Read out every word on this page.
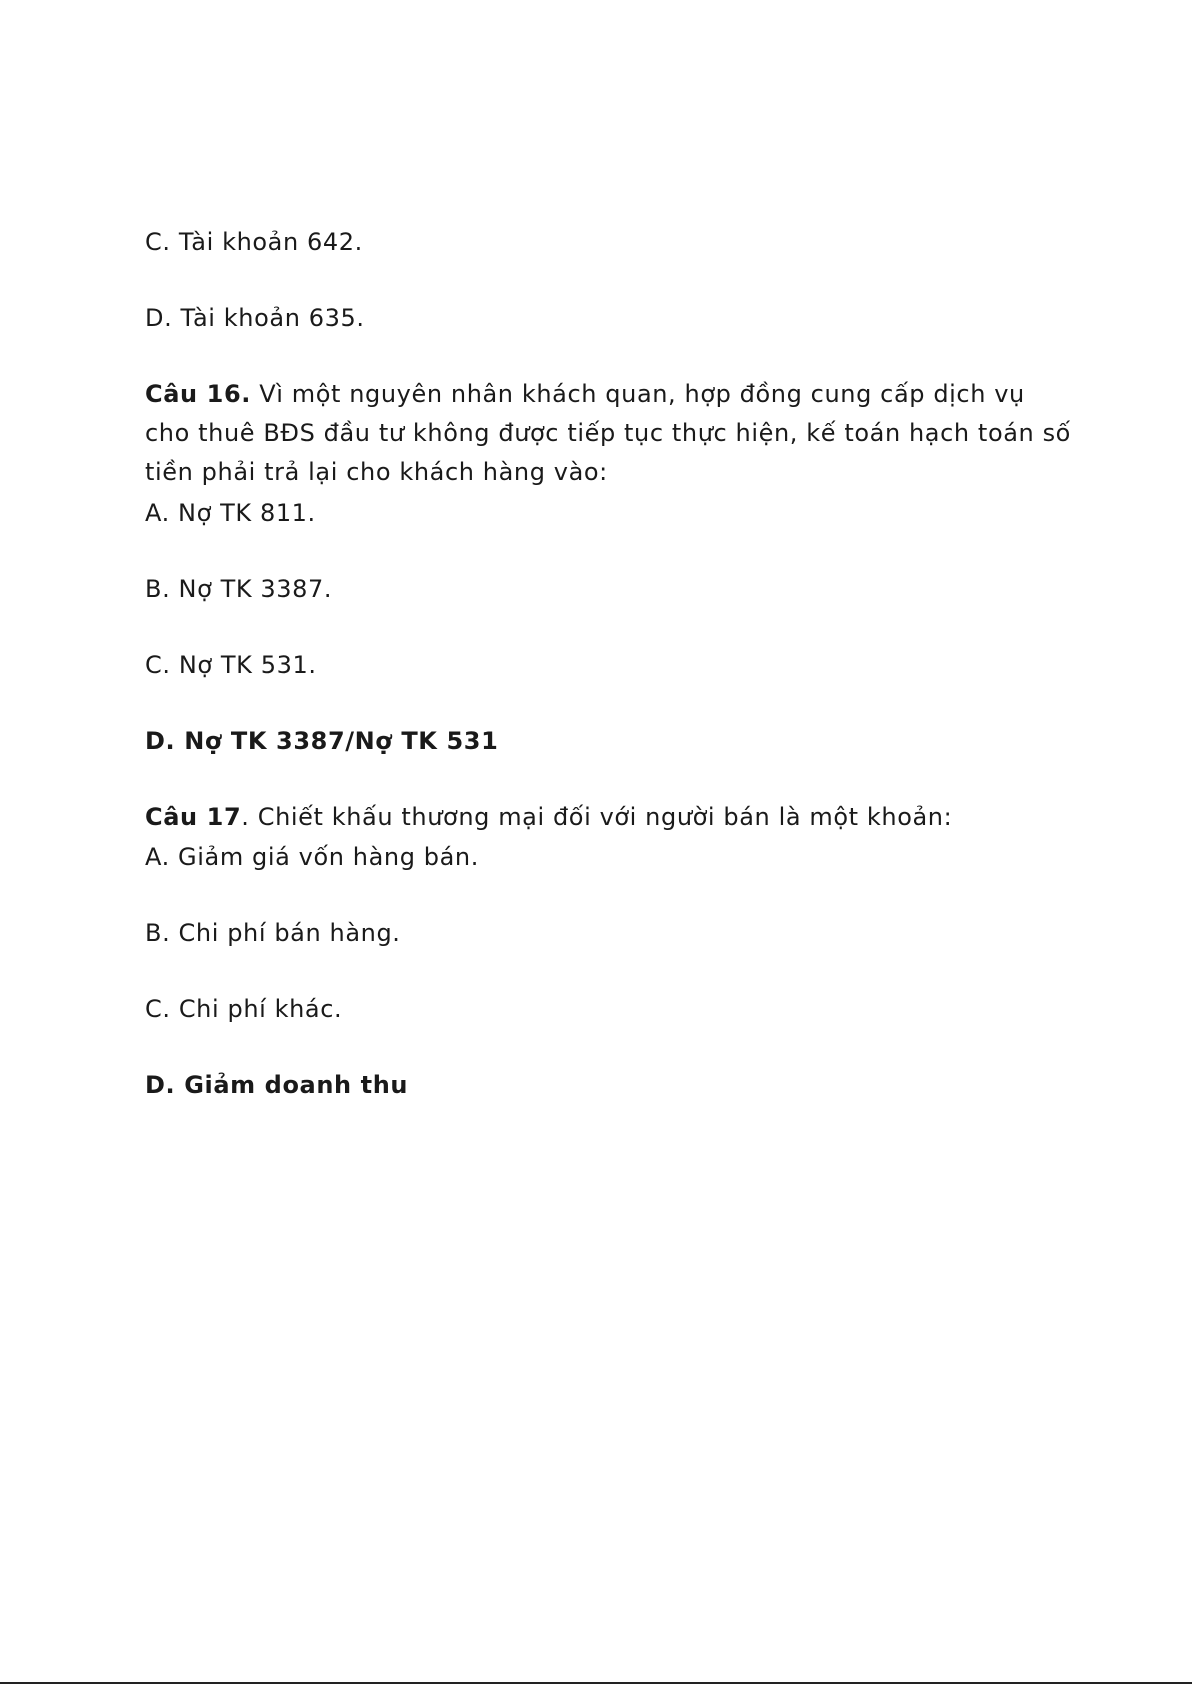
C. Tài khoản 642.
D. Tài khoản 635.
Câu 16. Vì một nguyên nhân khách quan, hợp đồng cung cấp dịch vụ cho thuê BĐS đầu tư không được tiếp tục thực hiện, kế toán hạch toán số tiền phải trả lại cho khách hàng vào:
A. Nợ TK 811.
B. Nợ TK 3387.
C. Nợ TK 531.
D. Nợ TK 3387/Nợ TK 531
Câu 17. Chiết khấu thương mại đối với người bán là một khoản:
A. Giảm giá vốn hàng bán.
B. Chi phí bán hàng.
C. Chi phí khác.
D. Giảm doanh thu
